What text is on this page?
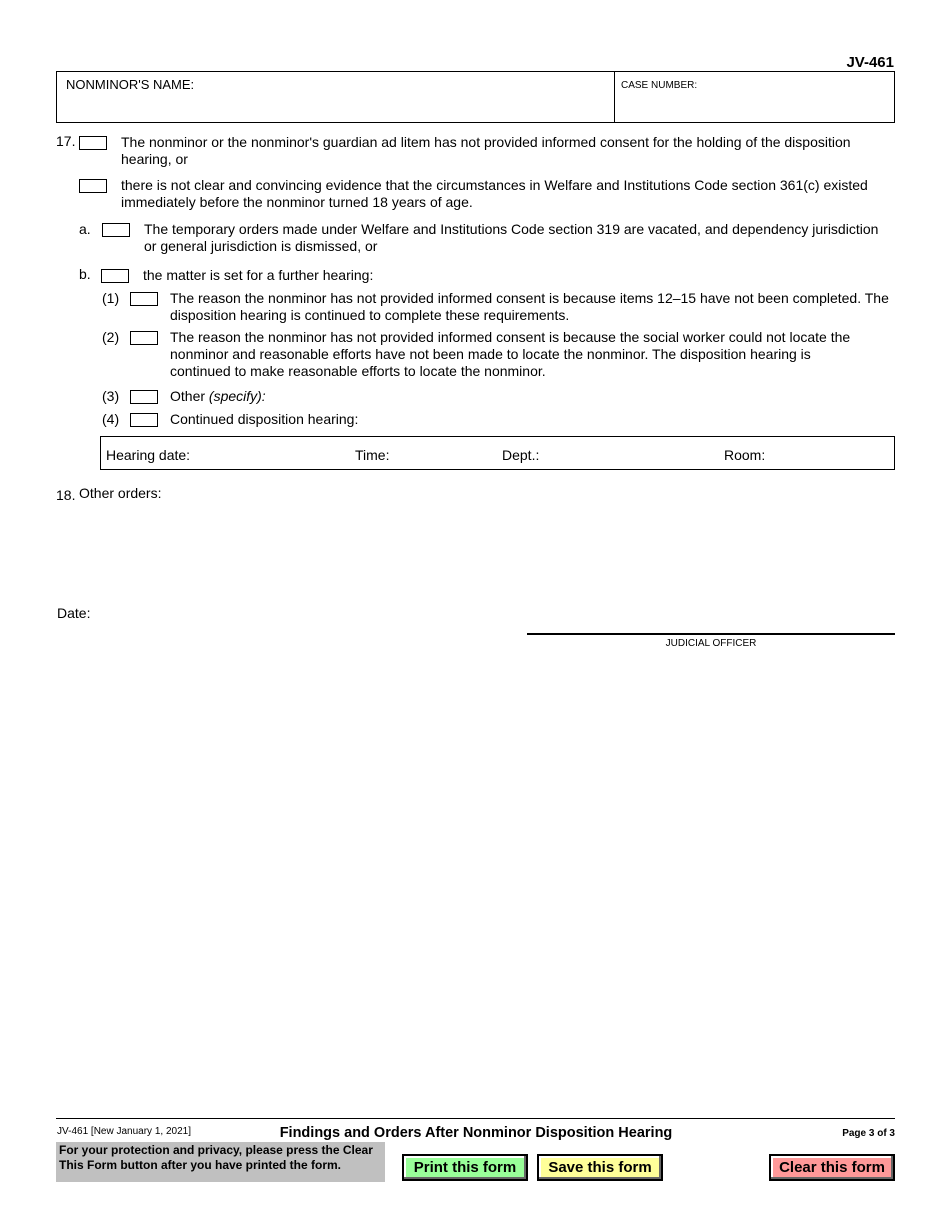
JV-461
NONMINOR'S NAME:	CASE NUMBER:
17.	The nonminor or the nonminor's guardian ad litem has not provided informed consent for the holding of the disposition hearing, or
there is not clear and convincing evidence that the circumstances in Welfare and Institutions Code section 361(c) existed immediately before the nonminor turned 18 years of age.
a.	The temporary orders made under Welfare and Institutions Code section 319 are vacated, and dependency jurisdiction or general jurisdiction is dismissed, or
b.	the matter is set for a further hearing:
(1)	The reason the nonminor has not provided informed consent is because items 12–15 have not been completed. The disposition hearing is continued to complete these requirements.
(2)	The reason the nonminor has not provided informed consent is because the social worker could not locate the nonminor and reasonable efforts have not been made to locate the nonminor. The disposition hearing is continued to make reasonable efforts to locate the nonminor.
(3)	Other (specify):
(4)	Continued disposition hearing:
Hearing date:	Time:	Dept.:	Room:
18. Other orders:
Date:
JUDICIAL OFFICER
JV-461 [New January 1, 2021]	Findings and Orders After Nonminor Disposition Hearing	Page 3 of 3
For your protection and privacy, please press the Clear This Form button after you have printed the form.	Print this form	Save this form	Clear this form
